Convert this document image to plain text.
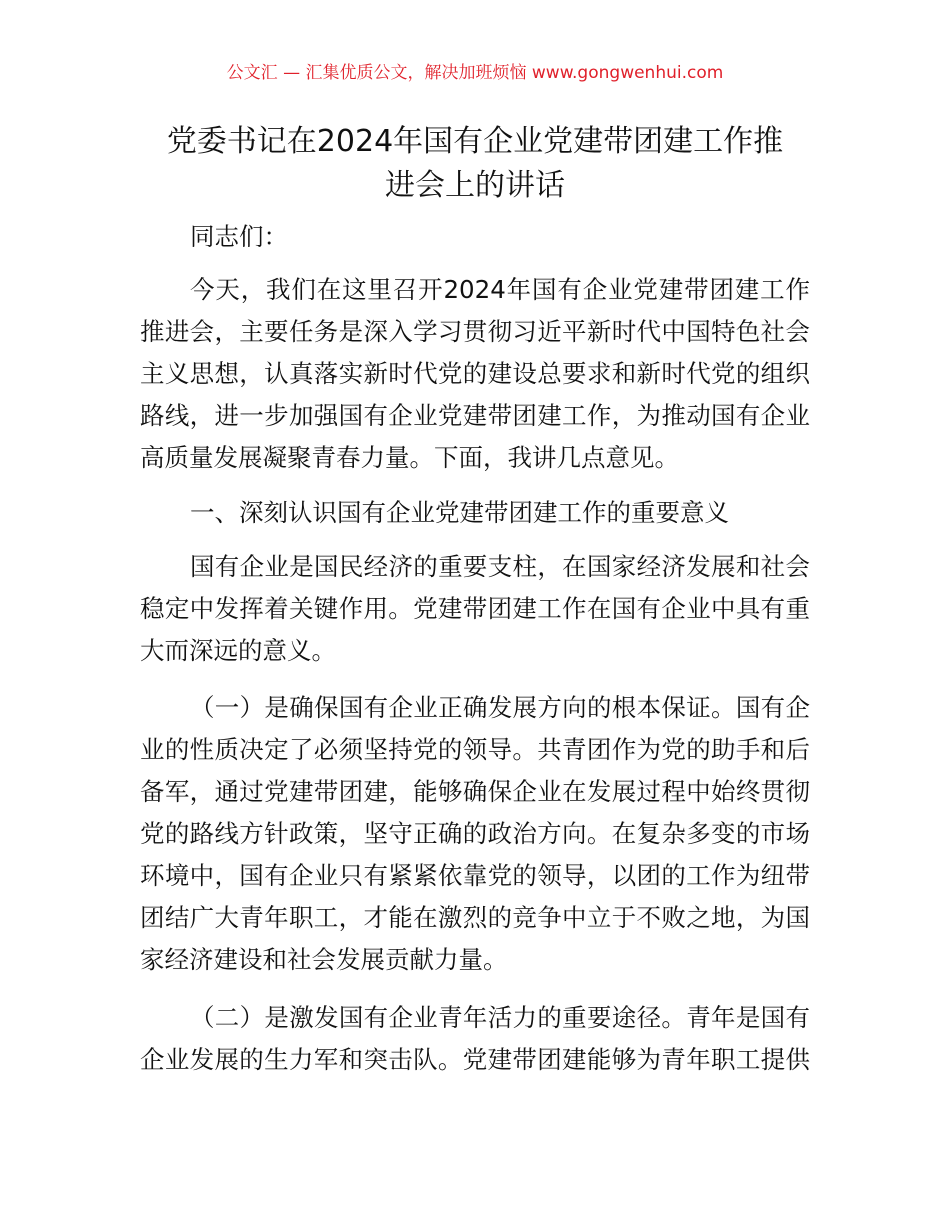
公文汇 — 汇集优质公文，解决加班烦恼 www.gongwenhui.com
党委书记在2024年国有企业党建带团建工作推
进会上的讲话
同志们：
今天，我们在这里召开2024年国有企业党建带团建工作
推进会，主要任务是深入学习贯彻习近平新时代中国特色社会
主义思想，认真落实新时代党的建设总要求和新时代党的组织
路线，进一步加强国有企业党建带团建工作，为推动国有企业
高质量发展凝聚青春力量。下面，我讲几点意见。
一、深刻认识国有企业党建带团建工作的重要意义
国有企业是国民经济的重要支柱，在国家经济发展和社会
稳定中发挥着关键作用。党建带团建工作在国有企业中具有重
大而深远的意义。
（一）是确保国有企业正确发展方向的根本保证。国有企
业的性质决定了必须坚持党的领导。共青团作为党的助手和后
备军，通过党建带团建，能够确保企业在发展过程中始终贯彻
党的路线方针政策，坚守正确的政治方向。在复杂多变的市场
环境中，国有企业只有紧紧依靠党的领导，以团的工作为纽带
团结广大青年职工，才能在激烈的竞争中立于不败之地，为国
家经济建设和社会发展贡献力量。
（二）是激发国有企业青年活力的重要途径。青年是国有
企业发展的生力军和突击队。党建带团建能够为青年职工提供
